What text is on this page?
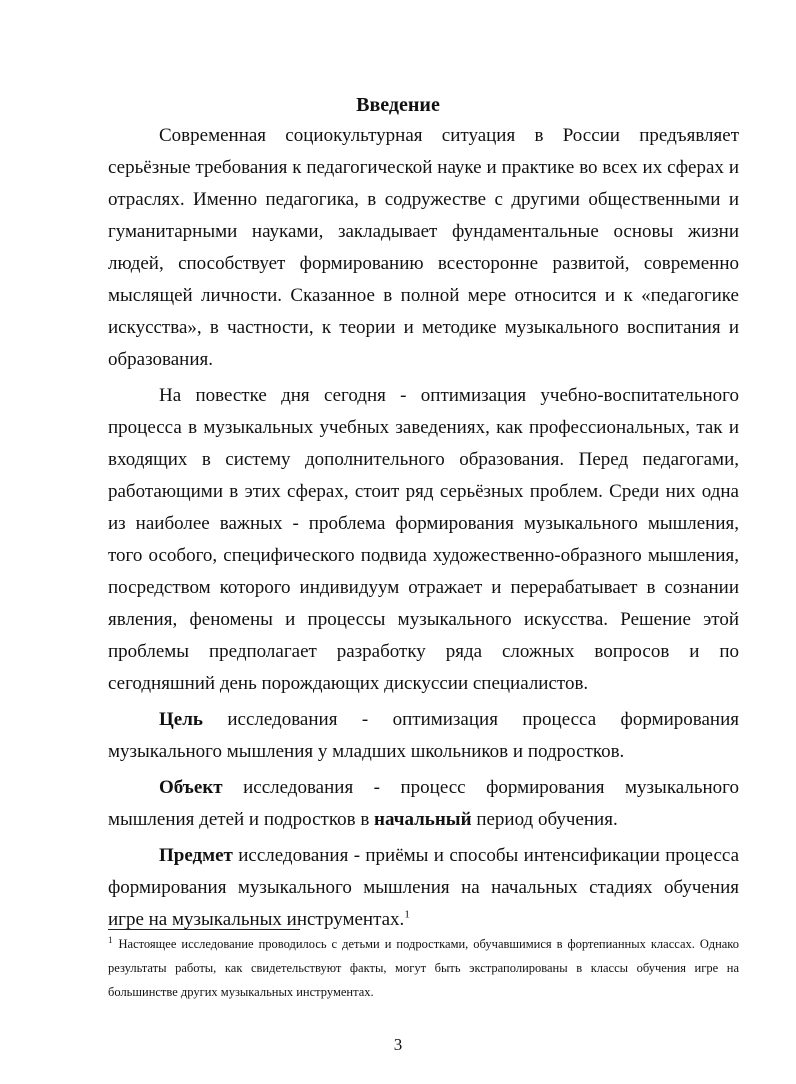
Введение

Современная социокультурная ситуация в России предъявляет серьёзные требования к педагогической науке и практике во всех их сферах и отраслях. Именно педагогика, в содружестве с другими общественными и гуманитарными науками, закладывает фундаментальные основы жизни людей, способствует формированию всесторонне развитой, современно мыслящей личности. Сказанное в полной мере относится и к «педагогике искусства», в частности, к теории и методике музыкального воспитания и образования.

На повестке дня сегодня - оптимизация учебно-воспитательного процесса в музыкальных учебных заведениях, как профессиональных, так и входящих в систему дополнительного образования. Перед педагогами, работающими в этих сферах, стоит ряд серьёзных проблем. Среди них одна из наиболее важных - проблема формирования музыкального мышления, того особого, специфического подвида художественно-образного мышления, посредством которого индивидуум отражает и перерабатывает в сознании явления, феномены и процессы музыкального искусства. Решение этой проблемы предполагает разработку ряда сложных вопросов и по сегодняшний день порождающих дискуссии специалистов.

Цель исследования - оптимизация процесса формирования музыкального мышления у младших школьников и подростков.

Объект исследования - процесс формирования музыкального мышления детей и подростков в начальный период обучения.

Предмет исследования - приёмы и способы интенсификации процесса формирования музыкального мышления на начальных стадиях обучения игре на музыкальных инструментах.$^1$

$^1$ Настоящее исследование проводилось с детьми и подростками, обучавшимися в фортепианных классах. Однако результаты работы, как свидетельствуют факты, могут быть экстраполированы в классы обучения игре на большинстве других музыкальных инструментах.
3
